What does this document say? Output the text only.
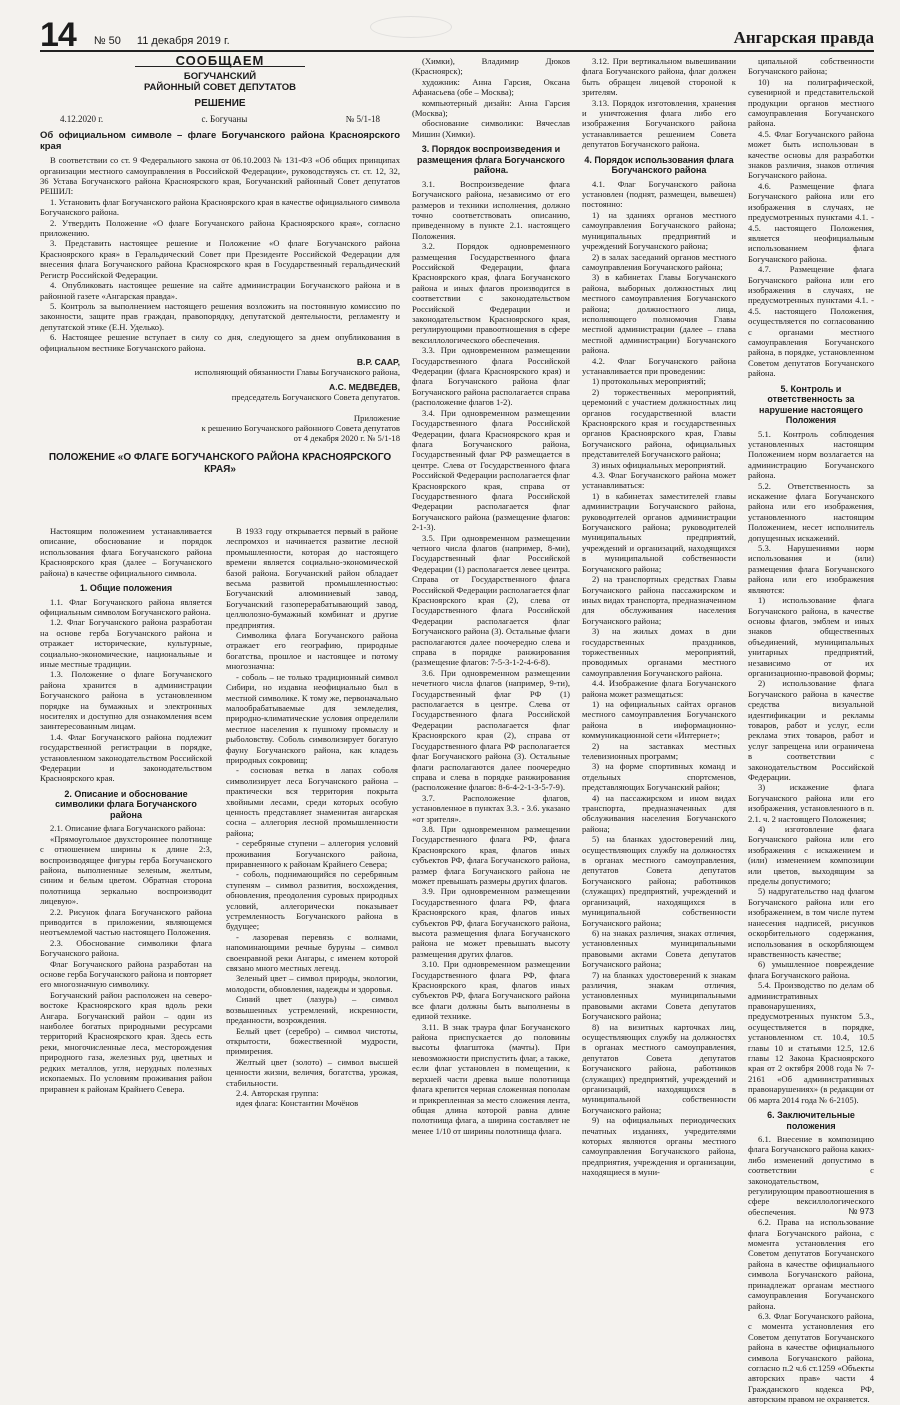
14 № 50 11 декабря 2019 г.	Ангарская правда
СООБЩАЕМ
БОГУЧАНСКИЙ
РАЙОННЫЙ СОВЕТ ДЕПУТАТОВ
РЕШЕНИЕ
4.12.2020 г.	с. Богучаны	№ 5/1-18
Об официальном символе – флаге Богучанского района Красноярского края

В соответствии со ст. 9 Федерального закона от 06.10.2003 № 131-ФЗ «Об общих принципах организации местного самоуправления в Российской Федерации», руководствуясь ст. ст. 12, 32, 36 Устава Богучанского района Красноярского края, Богучанский районный Совет депутатов РЕШИЛ:

1. Установить флаг Богучанского района Красноярского края в качестве официального символа Богучанского района.

2. Утвердить Положение «О флаге Богучанского района Красноярского края», согласно приложению.

3. Представить настоящее решение и Положение «О флаге Богучанского района Красноярского края» в Геральдический Совет при Президенте Российской Федерации для внесения флага Богучанского района Красноярского края в Государственный геральдический Регистр Российской Федерации.

4. Опубликовать настоящее решение на сайте администрации Богучанского района и в районной газете «Ангарская правда».

5. Контроль за выполнением настоящего решения возложить на постоянную комиссию по законности, защите прав граждан, правопорядку, депутатской деятельности, регламенту и депутатской этике (Е.Н. Уделько).

6. Настоящее решение вступает в силу со дня, следующего за днем опубликования в официальном вестнике Богучанского района.

В.Р. СААР,
исполняющий обязанности Главы Богучанского района,
А.С. МЕДВЕДЕВ,
председатель Богучанского Совета депутатов.
Приложение
к решению Богучанского районного Совета депутатов
от 4 декабря 2020 г. № 5/1-18
ПОЛОЖЕНИЕ «О ФЛАГЕ БОГУЧАНСКОГО РАЙОНА КРАСНОЯРСКОГО КРАЯ»

Настоящим положением устанавливается описание, обоснование и порядок использования флага Богучанского района Красноярского края (далее – Богучанского района) в качестве официального символа.

1. Общие положения

1.1. Флаг Богучанского района является официальным символом Богучанского района.

1.2. Флаг Богучанского района разработан на основе герба Богучанского района и отражает исторические, культурные, социально-экономические, национальные и иные местные традиции.

1.3. Положение о флаге Богучанского района хранится в администрации Богучанского района в установленном порядке на бумажных и электронных носителях и доступно для ознакомления всем заинтересованным лицам.

1.4. Флаг Богучанского района подлежит государственной регистрации в порядке, установленном законодательством Российской Федерации и законодательством Красноярского края.

2. Описание и обоснование символики флага Богучанского района

2.1. Описание флага Богучанского района:

«Прямоугольное двухстороннее полотнище с отношением ширины к длине 2:3, воспроизводящее фигуры герба Богучанского района, выполненные зеленым, желтым, синим и белым цветом. Обратная сторона полотнища зеркально воспроизводит лицевую».

2.2. Рисунок флага Богучанского района приводится в приложении, являющемся неотъемлемой частью настоящего Положения.

2.3. Обоснование символики флага Богучанского района.

Флаг Богучанского района разработан на основе герба Богучанского района и повторяет его многозначную символику.

Богучанский район расположен на северо-востоке Красноярского края вдоль реки Ангара. Богучанский район – один из наиболее богатых природными ресурсами территорий Красноярского края. Здесь есть реки, многочисленные леса, месторождения природного газа, железных руд, цветных и редких металлов, угля, нерудных полезных ископаемых. По условиям проживания район приравнен к районам Крайнего Севера.

В 1933 году открывается первый в районе леспромхоз и начинается развитие лесной промышленности, которая до настоящего времени является социально-экономической базой района. Богучанский район обладает весьма развитой промышленностью: Богучанский алюминиевый завод, Богучанский газоперерабатывающий завод, целлюлозно-бумажный комбинат и другие предприятия.

Символика флага Богучанского района отражает его географию, природные богатства, прошлое и настоящее и потому многозначна:

- соболь – не только традиционный символ Сибири, но издавна неофициально был в местной символике. К тому же, первоначально малообрабатываемые для земледелия, природно-климатические условия определили местное населения к пушному промыслу и рыболовству. Соболь символизирует богатую фауну Богучанского района, как кладезь природных сокровищ;

- сосновая ветка в лапах соболя символизирует леса Богучанского района – практически вся территория покрыта хвойными лесами, среди которых особую ценность представляет знаменитая ангарская сосна – аллегория лесной промышленности района;

- серебряные ступени – аллегория условий проживания Богучанского района, приравненного к районам Крайнего Севера;

- соболь, поднимающийся по серебряным ступеням – символ развития, восхождения, обновления, преодоления суровых природных условий, аллегорически показывает устремленность Богучанского района в будущее;

- лазоревая перевязь с волнами, напоминающими речные буруны – символ своенравной реки Ангары, с именем которой связано много местных легенд.

Зеленый цвет – символ природы, экологии, молодости, обновления, надежды и здоровья.

Синий цвет (лазурь) – символ возвышенных устремлений, искренности, преданности, возрождения.

Белый цвет (серебро) – символ чистоты, открытости, божественной мудрости, примирения.

Желтый цвет (золото) – символ высшей ценности жизни, величия, богатства, урожая, стабильности.

2.4. Авторская группа:

идея флага: Константин Мочёнов

(Химки), Владимир Дюков (Красноярск);

художник: Анна Гарсия, Оксана Афанасьева (обе – Москва);

компьютерный дизайн: Анна Гарсия (Москва);

обоснование символики: Вячеслав Мишин (Химки).

3. Порядок воспроизведения и размещения флага Богучанского района.

3.1. Воспроизведение флага Богучанского района, независимо от его размеров и техники исполнения, должно точно соответствовать описанию, приведенному в пункте 2.1. настоящего Положения.

3.2. Порядок одновременного размещения Государственного флага Российской Федерации, флага Красноярского края, флага Богучанского района и иных флагов производится в соответствии с законодательством Российской Федерации и законодательством Красноярского края, регулирующими правоотношения в сфере вексиллологического обеспечения.

3.3. При одновременном размещении Государственного флага Российской Федерации (флага Красноярского края) и флага Богучанского района флаг Богучанского района располагается справа (расположение флагов 1-2).

3.4. При одновременном размещении Государственного флага Российской Федерации, флага Красноярского края и флага Богучанского района, Государственный флаг РФ размещается в центре. Слева от Государственного флага Российской Федерации располагается флаг Красноярского края, справа от Государственного флага Российской Федерации располагается флаг Богучанского района (размещение флагов: 2-1-3).

3.5. При одновременном размещении четного числа флагов (например, 8-ми), Государственный флаг Российской Федерации (1) располагается левее центра. Справа от Государственного флага Российской Федерации располагается флаг Красноярского края (2), слева от Государственного флага Российской Федерации располагается флаг Богучанского района (3). Остальные флаги располагаются далее поочередно слева и справа в порядке ранжирования (размещение флагов: 7-5-3-1-2-4-6-8).

3.6. При одновременном размещении нечетного числа флагов (например, 9-ти), Государственный флаг РФ (1) располагается в центре. Слева от Государственного флага Российской Федерации располагается флаг Красноярского края (2), справа от Государственного флага РФ располагается флаг Богучанского района (3). Остальные флаги располагаются далее поочередно справа и слева в порядке ранжирования (расположение флагов: 8-6-4-2-1-3-5-7-9).

3.7. Расположение флагов, установленное в пунктах 3.3. - 3.6. указано «от зрителя».

3.8. При одновременном размещении Государственного флага РФ, флага Красноярского края, флагов иных субъектов РФ, флага Богучанского района, размер флага Богучанского района не может превышать размеры других флагов.

3.9. При одновременном размещении Государственного флага РФ, флага Красноярского края, флагов иных субъектов РФ, флага Богучанского района, высота размещения флага Богучанского района не может превышать высоту размещения других флагов.

3.10. При одновременном размещении Государственного флага РФ, флага Красноярского края, флагов иных субъектов РФ, флага Богучанского района все флаги должны быть выполнены в единой технике.

3.11. В знак траура флаг Богучанского района приспускается до половины высоты флагштока (мачты). При невозможности приспустить флаг, а также, если флаг установлен в помещении, к верхней части древка выше полотнища флага крепится черная сложенная пополам и прикрепленная за место сложения лента, общая длина которой равна длине полотнища флага, а ширина составляет не менее 1/10 от ширины полотнища флага.

3.12. При вертикальном вывешивании флага Богучанского района, флаг должен быть обращен лицевой стороной к зрителям.

3.13. Порядок изготовления, хранения и уничтожения флага либо его изображения Богучанского района устанавливается решением Совета депутатов Богучанского района.

4. Порядок использования флага Богучанского района

4.1. Флаг Богучанского района установлен (поднят, размещен, вывешен) постоянно:

1) на зданиях органов местного самоуправления Богучанского района; муниципальных предприятий и учреждений Богучанского района;

2) в залах заседаний органов местного самоуправления Богучанского района;

3) в кабинетах Главы Богучанского района, выборных должностных лиц местного самоуправления Богучанского района; должностного лица, исполняющего полномочия Главы местной администрации (далее – глава местной администрации) Богучанского района.

4.2. Флаг Богучанского района устанавливается при проведении:

1) протокольных мероприятий;

2) торжественных мероприятий, церемоний с участием должностных лиц органов государственной власти Красноярского края и государственных органов Красноярского края, Главы Богучанского района, официальных представителей Богучанского района;

3) иных официальных мероприятий.

4.3. Флаг Богучанского района может устанавливаться:

1) в кабинетах заместителей главы администрации Богучанского района, руководителей органов администрации Богучанского района; руководителей муниципальных предприятий, учреждений и организаций, находящихся в муниципальной собственности Богучанского района;

2) на транспортных средствах Главы Богучанского района пассажирском и иных видах транспорта, предназначенном для обслуживания населения Богучанского района;

3) на жилых домах в дни государственных праздников, торжественных мероприятий, проводимых органами местного самоуправления Богучанского района.

4.4. Изображение флага Богучанского района может размещаться:

1) на официальных сайтах органов местного самоуправления Богучанского района в информационно-коммуникационной сети «Интернет»;

2) на заставках местных телевизионных программ;

3) на форме спортивных команд и отдельных спортсменов, представляющих Богучанский район;

4) на пассажирском и ином видах транспорта, предназначенных для обслуживания населения Богучанского района;

5) на бланках удостоверений лиц, осуществляющих службу на должностях в органах местного самоуправления, депутатов Совета депутатов Богучанского района; работников (служащих) предприятий, учреждений и организаций, находящихся в муниципальной собственности Богучанского района;

6) на знаках различия, знаках отличия, установленных муниципальными правовыми актами Совета депутатов Богучанского района;

7) на бланках удостоверений к знакам различия, знакам отличия, установленных муниципальными правовыми актами Совета депутатов Богучанского района;

8) на визитных карточках лиц, осуществляющих службу на должностях в органах местного самоуправления, депутатов Совета депутатов Богучанского района, работников (служащих) предприятий, учреждений и организаций, находящихся в муниципальной собственности Богучанского района;

9) на официальных периодических печатных изданиях, учредителями которых являются органы местного самоуправления Богучанского района, предприятия, учреждения и организации, находящиеся в муни-

ципальной собственности Богучанского района;

10) на полиграфической, сувенирной и представительской продукции органов местного самоуправления Богучанского района.

4.5. Флаг Богучанского района может быть использован в качестве основы для разработки знаков различия, знаков отличия Богучанского района.

4.6. Размещение флага Богучанского района или его изображения в случаях, не предусмотренных пунктами 4.1. - 4.5. настоящего Положения, является неофициальным использованием флага Богучанского района.

4.7. Размещение флага Богучанского района или его изображения в случаях, не предусмотренных пунктами 4.1. - 4.5. настоящего Положения, осуществляется по согласованию с органами местного самоуправления Богучанского района, в порядке, установленном Советом депутатов Богучанского района.

5. Контроль и ответственность за нарушение настоящего Положения

5.1. Контроль соблюдения установленных настоящим Положением норм возлагается на администрацию Богучанского района.

5.2. Ответственность за искажение флага Богучанского района или его изображения, установленного настоящим Положением, несет исполнитель допущенных искажений.

5.3. Нарушениями норм использования и (или) размещения флага Богучанского района или его изображения являются:

1) использование флага Богучанского района, в качестве основы флагов, эмблем и иных знаков общественных объединений, муниципальных унитарных предприятий, независимо от их организационно-правовой формы;

2) использование флага Богучанского района в качестве средства визуальной идентификации и рекламы товаров, работ и услуг, если реклама этих товаров, работ и услуг запрещена или ограничена в соответствии с законодательством Российской Федерации.

3) искажение флага Богучанского района или его изображения, установленного в п. 2.1. ч. 2 настоящего Положения;

4) изготовление флага Богучанского района или его изображения с искажением и (или) изменением композиции или цветов, выходящим за пределы допустимого;

5) надругательство над флагом Богучанского района или его изображением, в том числе путем нанесения надписей, рисунков оскорбительного содержания, использования в оскорбляющем нравственность качестве;

6) умышленное повреждение флага Богучанского района.

5.4. Производство по делам об административных правонарушениях, предусмотренных пунктом 5.3., осуществляется в порядке, установленном ст. 10.4, 10.5 главы 10 и статьями 12.5, 12.6 главы 12 Закона Красноярского края от 2 октября 2008 года № 7-2161 «Об административных правонарушениях» (в редакции от 06 марта 2014 года № 6-2105).

6. Заключительные положения

6.1. Внесение в композицию флага Богучанского района каких-либо изменений допустимо в соответствии с законодательством, регулирующим правоотношения в сфере вексиллологического обеспечения.

6.2. Права на использование флага Богучанского района, с момента установления его Советом депутатов Богучанского района в качестве официального символа Богучанского района, принадлежат органам местного самоуправления Богучанского района.

6.3. Флаг Богучанского района, с момента установления его Советом депутатов Богучанского района в качестве официального символа Богучанского района, согласно п.2 ч.6 ст.1259 «Объекты авторских прав» части 4 Гражданского кодекса РФ, авторским правом не охраняется.

№ 973
